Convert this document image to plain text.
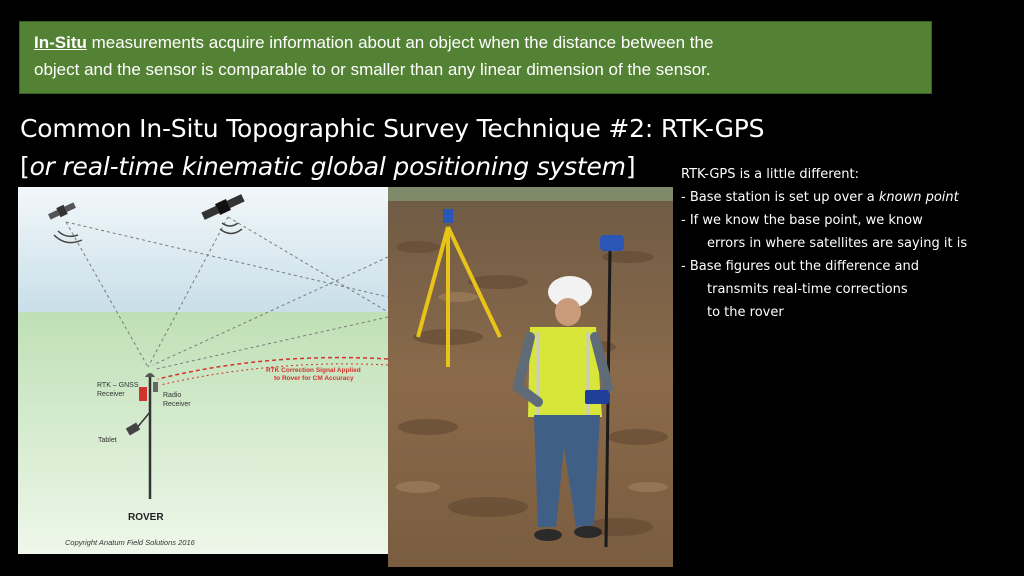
In-Situ measurements acquire information about an object when the distance between the
object and the sensor is comparable to or smaller than any linear dimension of the sensor.
Common In-Situ Topographic Survey Technique #2: RTK-GPS
[or real-time kinematic global positioning system]	RTK-GPS is a little different:
- Base station is set up over a known point
- If we know the base point, we know
errors in where satellites are saying it is
- Base figures out the difference and
transmits real-time corrections
to the rover
RTK Correction Signal Applied
to Rover for CM Accuracy
RTK – GNSS
Receiver	Radio
Receiver
Tablet
ROVER
Copyright Anatum Field Solutions 2016
